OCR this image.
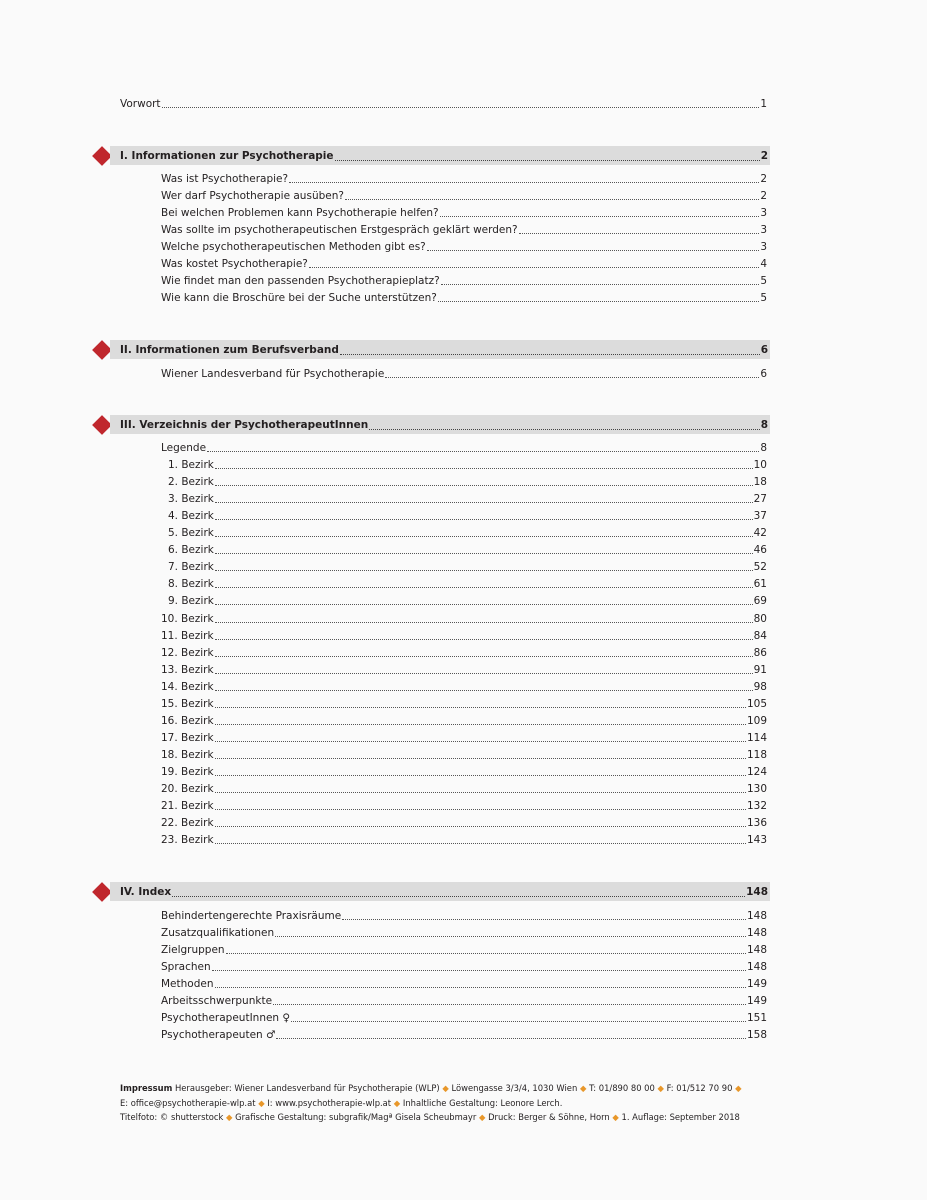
Vorwort	1
I. Informationen zur Psychotherapie	2
Was ist Psychotherapie?	2
Wer darf Psychotherapie ausüben?	2
Bei welchen Problemen kann Psychotherapie helfen?	3
Was sollte im psychotherapeutischen Erstgespräch geklärt werden?	3
Welche psychotherapeutischen Methoden gibt es?	3
Was kostet Psychotherapie?	4
Wie findet man den passenden Psychotherapieplatz?	5
Wie kann die Broschüre bei der Suche unterstützen?	5
II. Informationen zum Berufsverband	6
Wiener Landesverband für Psychotherapie	6
III. Verzeichnis der PsychotherapeutInnen	8
Legende	8
1. Bezirk	10
2. Bezirk	18
3. Bezirk	27
4. Bezirk	37
5. Bezirk	42
6. Bezirk	46
7. Bezirk	52
8. Bezirk	61
9. Bezirk	69
10. Bezirk	80
11. Bezirk	84
12. Bezirk	86
13. Bezirk	91
14. Bezirk	98
15. Bezirk	105
16. Bezirk	109
17. Bezirk	114
18. Bezirk	118
19. Bezirk	124
20. Bezirk	130
21. Bezirk	132
22. Bezirk	136
23. Bezirk	143
IV. Index	148
Behindertengerechte Praxisräume	148
Zusatzqualifikationen	148
Zielgruppen	148
Sprachen	148
Methoden	149
Arbeitsschwerpunkte	149
PsychotherapeutInnen ♀	151
Psychotherapeuten ♂	158
Impressum Herausgeber: Wiener Landesverband für Psychotherapie (WLP) ◆ Löwengasse 3/3/4, 1030 Wien ◆ T: 01/890 80 00 ◆ F: 01/512 70 90 ◆
E: office@psychotherapie-wlp.at ◆ I: www.psychotherapie-wlp.at ◆ Inhaltliche Gestaltung: Leonore Lerch.
Titelfoto: © shutterstock ◆ Grafische Gestaltung: subgrafik/Magª Gisela Scheubmayr ◆ Druck: Berger & Söhne, Horn ◆ 1. Auflage: September 2018
